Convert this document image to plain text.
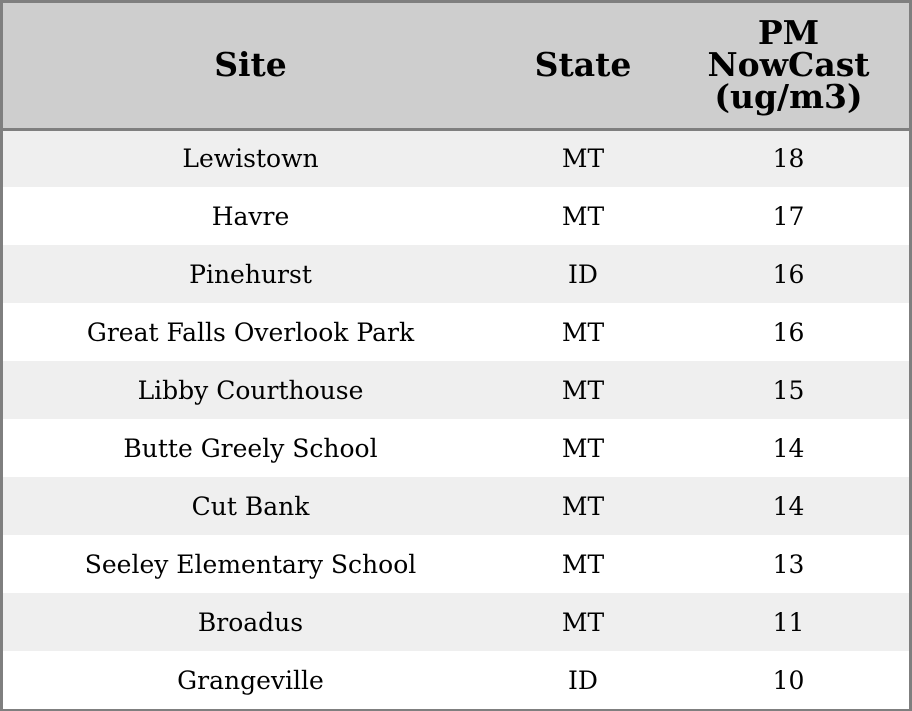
Site	State	PM
NowCast
(ug/m3)

Lewistown	MT	18
Havre	MT	17
Pinehurst	ID	16
Great Falls Overlook Park	MT	16
Libby Courthouse	MT	15
Butte Greely School	MT	14
Cut Bank	MT	14
Seeley Elementary School	MT	13
Broadus	MT	11
Grangeville	ID	10
